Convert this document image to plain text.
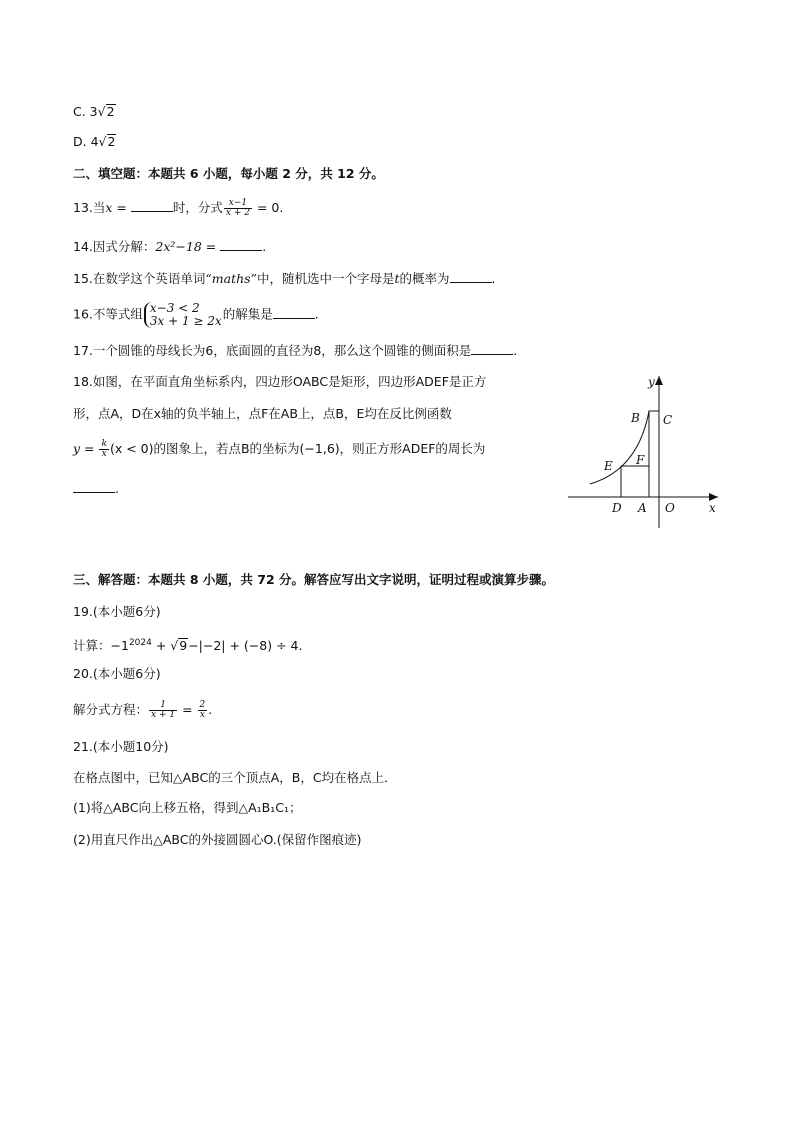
C. 3√2
D. 4√2
二、填空题：本题共 6 小题，每小题 2 分，共 12 分。
13.当x =	时，分式 $\frac{x-1}{x + 2} = 0$.
14.因式分解：2x²−18 =	.
15.在数学这个英语单词“maths”中，随机选中一个字母是t的概率为	.
16.不等式组 x−3 < 2
3x + 1 ≥ 2x的解集是	.
17.一个圆锥的母线长为6，底面圆的直径为8，那么这个圆锥的侧面积是	.
18.如图，在平面直角坐标系内，四边形OABC是矩形，四边形ADEF是正方
形，点A，D在x轴的负半轴上，点F在AB上，点B，E均在反比例函数
$y = \frac{k}{x} (x < 0)$的图象上，若点B的坐标为(−1,6)，则正方形ADEF的周长为
.
y
x
B C
E F
D A O
三、解答题：本题共 8 小题，共 72 分。解答应写出文字说明，证明过程或演算步骤。
19.(本小题6分)
计算：$-1^{2024} + √9-|-2| + (-8) \div 4$.
20.(本小题6分)
解分式方程： $\frac{1}{x + 1} = \frac{2}{x}$ .
21.(本小题10分)
在格点图中，已知△ABC的三个顶点A，B，C均在格点上．
(1)将△ABC向上移五格，得到△A₁B₁C₁；
(2)用直尺作出△ABC的外接圆圆心O.(保留作图痕迹)
